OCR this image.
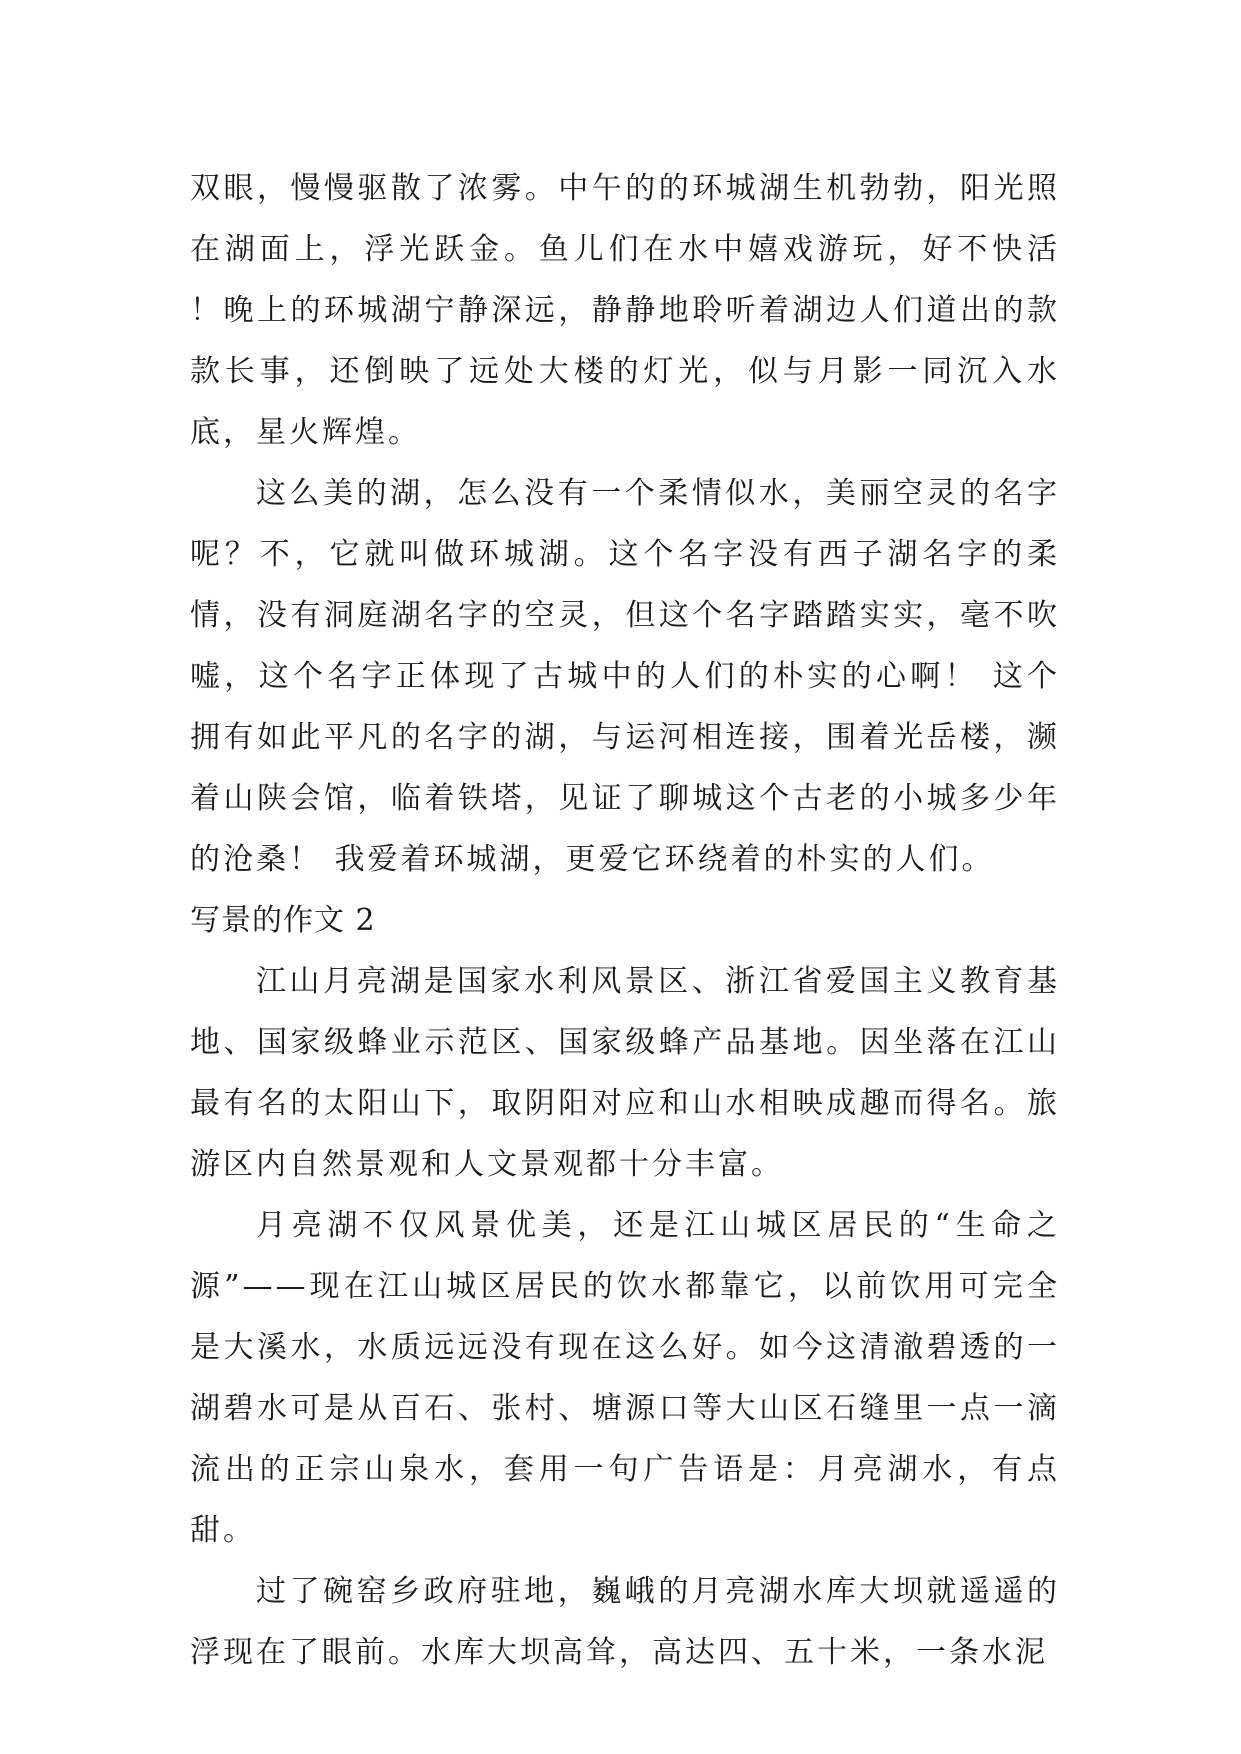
双眼，慢慢驱散了浓雾。中午的的环城湖生机勃勃，阳光照在湖面上，浮光跃金。鱼儿们在水中嬉戏游玩，好不快活 ！晚上的环城湖宁静深远，静静地聆听着湖边人们道出的款款长事，还倒映了远处大楼的灯光，似与月影一同沉入水底，星火辉煌。

这么美的湖，怎么没有一个柔情似水，美丽空灵的名字呢？不，它就叫做环城湖。这个名字没有西子湖名字的柔情，没有洞庭湖名字的空灵，但这个名字踏踏实实，毫不吹嘘，这个名字正体现了古城中的人们的朴实的心啊！ 这个拥有如此平凡的名字的湖，与运河相连接，围着光岳楼，濒着山陕会馆，临着铁塔，见证了聊城这个古老的小城多少年的沧桑！ 我爱着环城湖，更爱它环绕着的朴实的人们。

写景的作文 2

江山月亮湖是国家水利风景区、浙江省爱国主义教育基地、国家级蜂业示范区、国家级蜂产品基地。因坐落在江山最有名的太阳山下，取阴阳对应和山水相映成趣而得名。旅游区内自然景观和人文景观都十分丰富。

月亮湖不仅风景优美，还是江山城区居民的“生命之源”——现在江山城区居民的饮水都靠它，以前饮用可完全是大溪水，水质远远没有现在这么好。如今这清澈碧透的一湖碧水可是从百石、张村、塘源口等大山区石缝里一点一滴流出的正宗山泉水，套用一句广告语是：月亮湖水，有点甜。

过了碗窑乡政府驻地，巍峨的月亮湖水库大坝就遥遥的浮现在了眼前。水库大坝高耸，高达四、五十米，一条水泥
